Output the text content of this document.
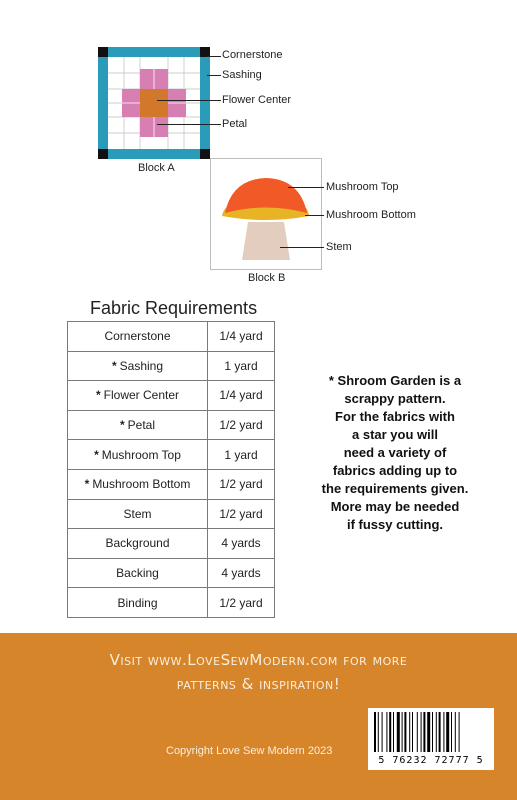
Block A
Cornerstone
Sashing
Flower Center
Petal
Block B
Mushroom Top
Mushroom Bottom
Stem
Fabric Requirements
Cornerstone	1/4 yard
* Sashing	1 yard
* Flower Center	1/4 yard
* Petal	1/2 yard
* Mushroom Top	1 yard
* Mushroom Bottom	1/2 yard
Stem	1/2 yard
Background	4 yards
Backing	4 yards
Binding	1/2 yard
* Shroom Garden is a
scrappy pattern.
For the fabrics with
a star you will
need a variety of
fabrics adding up to
the requirements given.
More may be needed
if fussy cutting.
Visit www.LoveSewModern.com for more
patterns & inspiration!
Copyright Love Sew Modern 2023
5 76232 72777 5
